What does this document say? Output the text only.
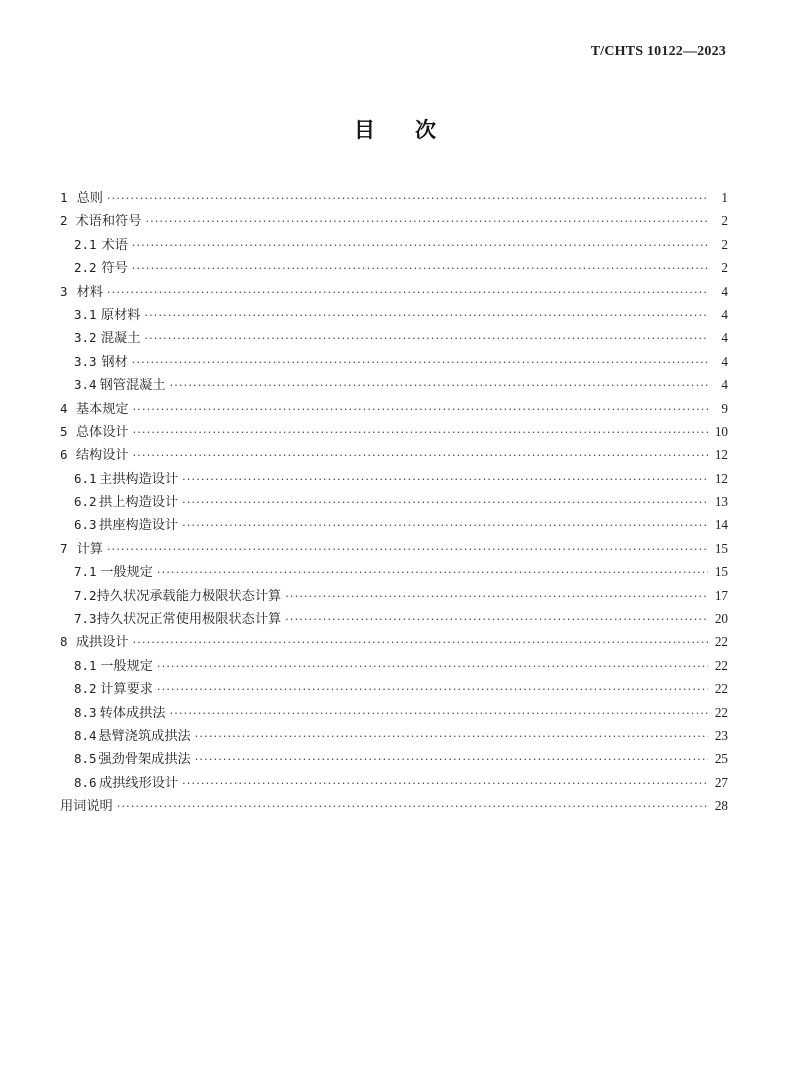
T/CHTS 10122—2023
目次
1 总则 ·····	1
2 术语和符号 ·····	2
2.1 术语 ·····	2
2.2 符号 ·····	2
3 材料 ·····	4
3.1 原材料 ·····	4
3.2 混凝土 ·····	4
3.3 钢材 ·····	4
3.4 钢管混凝土 ·····	4
4 基本规定 ·····	9
5 总体设计 ·····	10
6 结构设计 ·····	12
6.1 主拱构造设计 ·····	12
6.2 拱上构造设计 ·····	13
6.3 拱座构造设计 ·····	14
7 计算 ·····	15
7.1 一般规定 ·····	15
7.2 持久状况承载能力极限状态计算 ·····	17
7.3 持久状况正常使用极限状态计算 ·····	20
8 成拱设计 ·····	22
8.1 一般规定 ·····	22
8.2 计算要求 ·····	22
8.3 转体成拱法 ·····	22
8.4 悬臂浇筑成拱法 ·····	23
8.5 强劲骨架成拱法 ·····	25
8.6 成拱线形设计 ·····	27
用词说明 ·····	28
